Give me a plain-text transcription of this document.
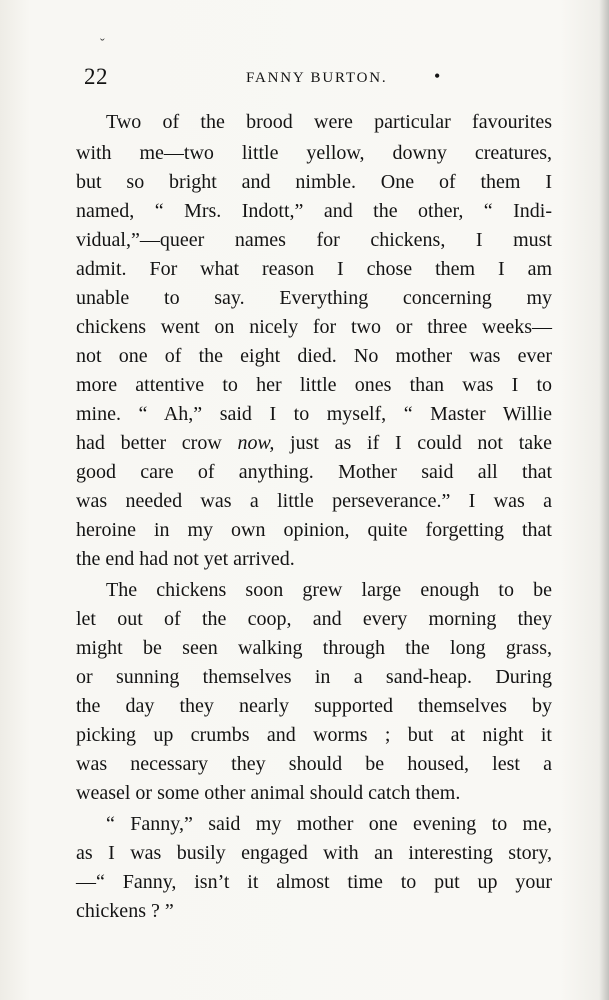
ˇ
22	FANNY BURTON.	•
Two of the brood were particular favourites
with me—two little yellow, downy creatures,
but so bright and nimble. One of them I
named, “ Mrs. Indott,” and the other, “ Indi-
vidual,”—queer names for chickens, I must
admit. For what reason I chose them I am
unable to say. Everything concerning my
chickens went on nicely for two or three weeks—
not one of the eight died. No mother was ever
more attentive to her little ones than was I to
mine. “ Ah,” said I to myself, “ Master Willie
had better crow now, just as if I could not take
good care of anything. Mother said all that
was needed was a little perseverance.” I was a
heroine in my own opinion, quite forgetting that
the end had not yet arrived.
The chickens soon grew large enough to be
let out of the coop, and every morning they
might be seen walking through the long grass,
or sunning themselves in a sand-heap. During
the day they nearly supported themselves by
picking up crumbs and worms ; but at night it
was necessary they should be housed, lest a
weasel or some other animal should catch them.
“ Fanny,” said my mother one evening to me,
as I was busily engaged with an interesting story,
—“ Fanny, isn’t it almost time to put up your
chickens ? ”
